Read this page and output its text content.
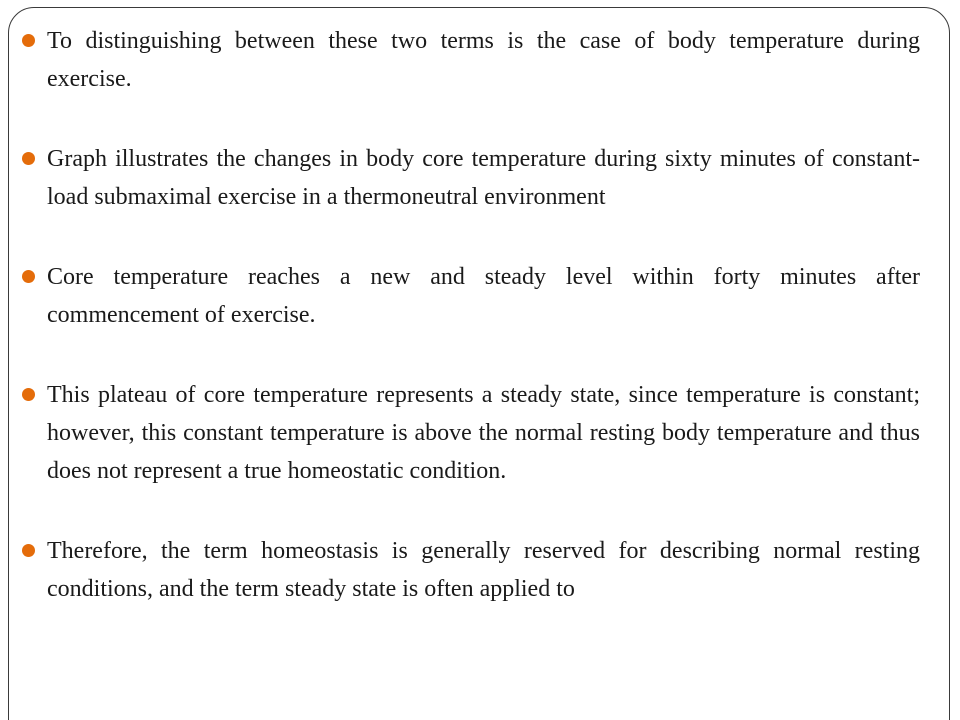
To distinguishing between these two terms is the case of body temperature during exercise.
Graph illustrates the changes in body core temperature during sixty minutes of constant-load submaximal exercise in a thermoneutral environment
Core temperature reaches a new and steady level within forty minutes after commencement of exercise.
This plateau of core temperature represents a steady state, since temperature is constant; however, this constant temperature is above the normal resting body temperature and thus does not represent a true homeostatic condition.
Therefore, the term homeostasis is generally reserved for describing normal resting conditions, and the term steady state is often applied to
